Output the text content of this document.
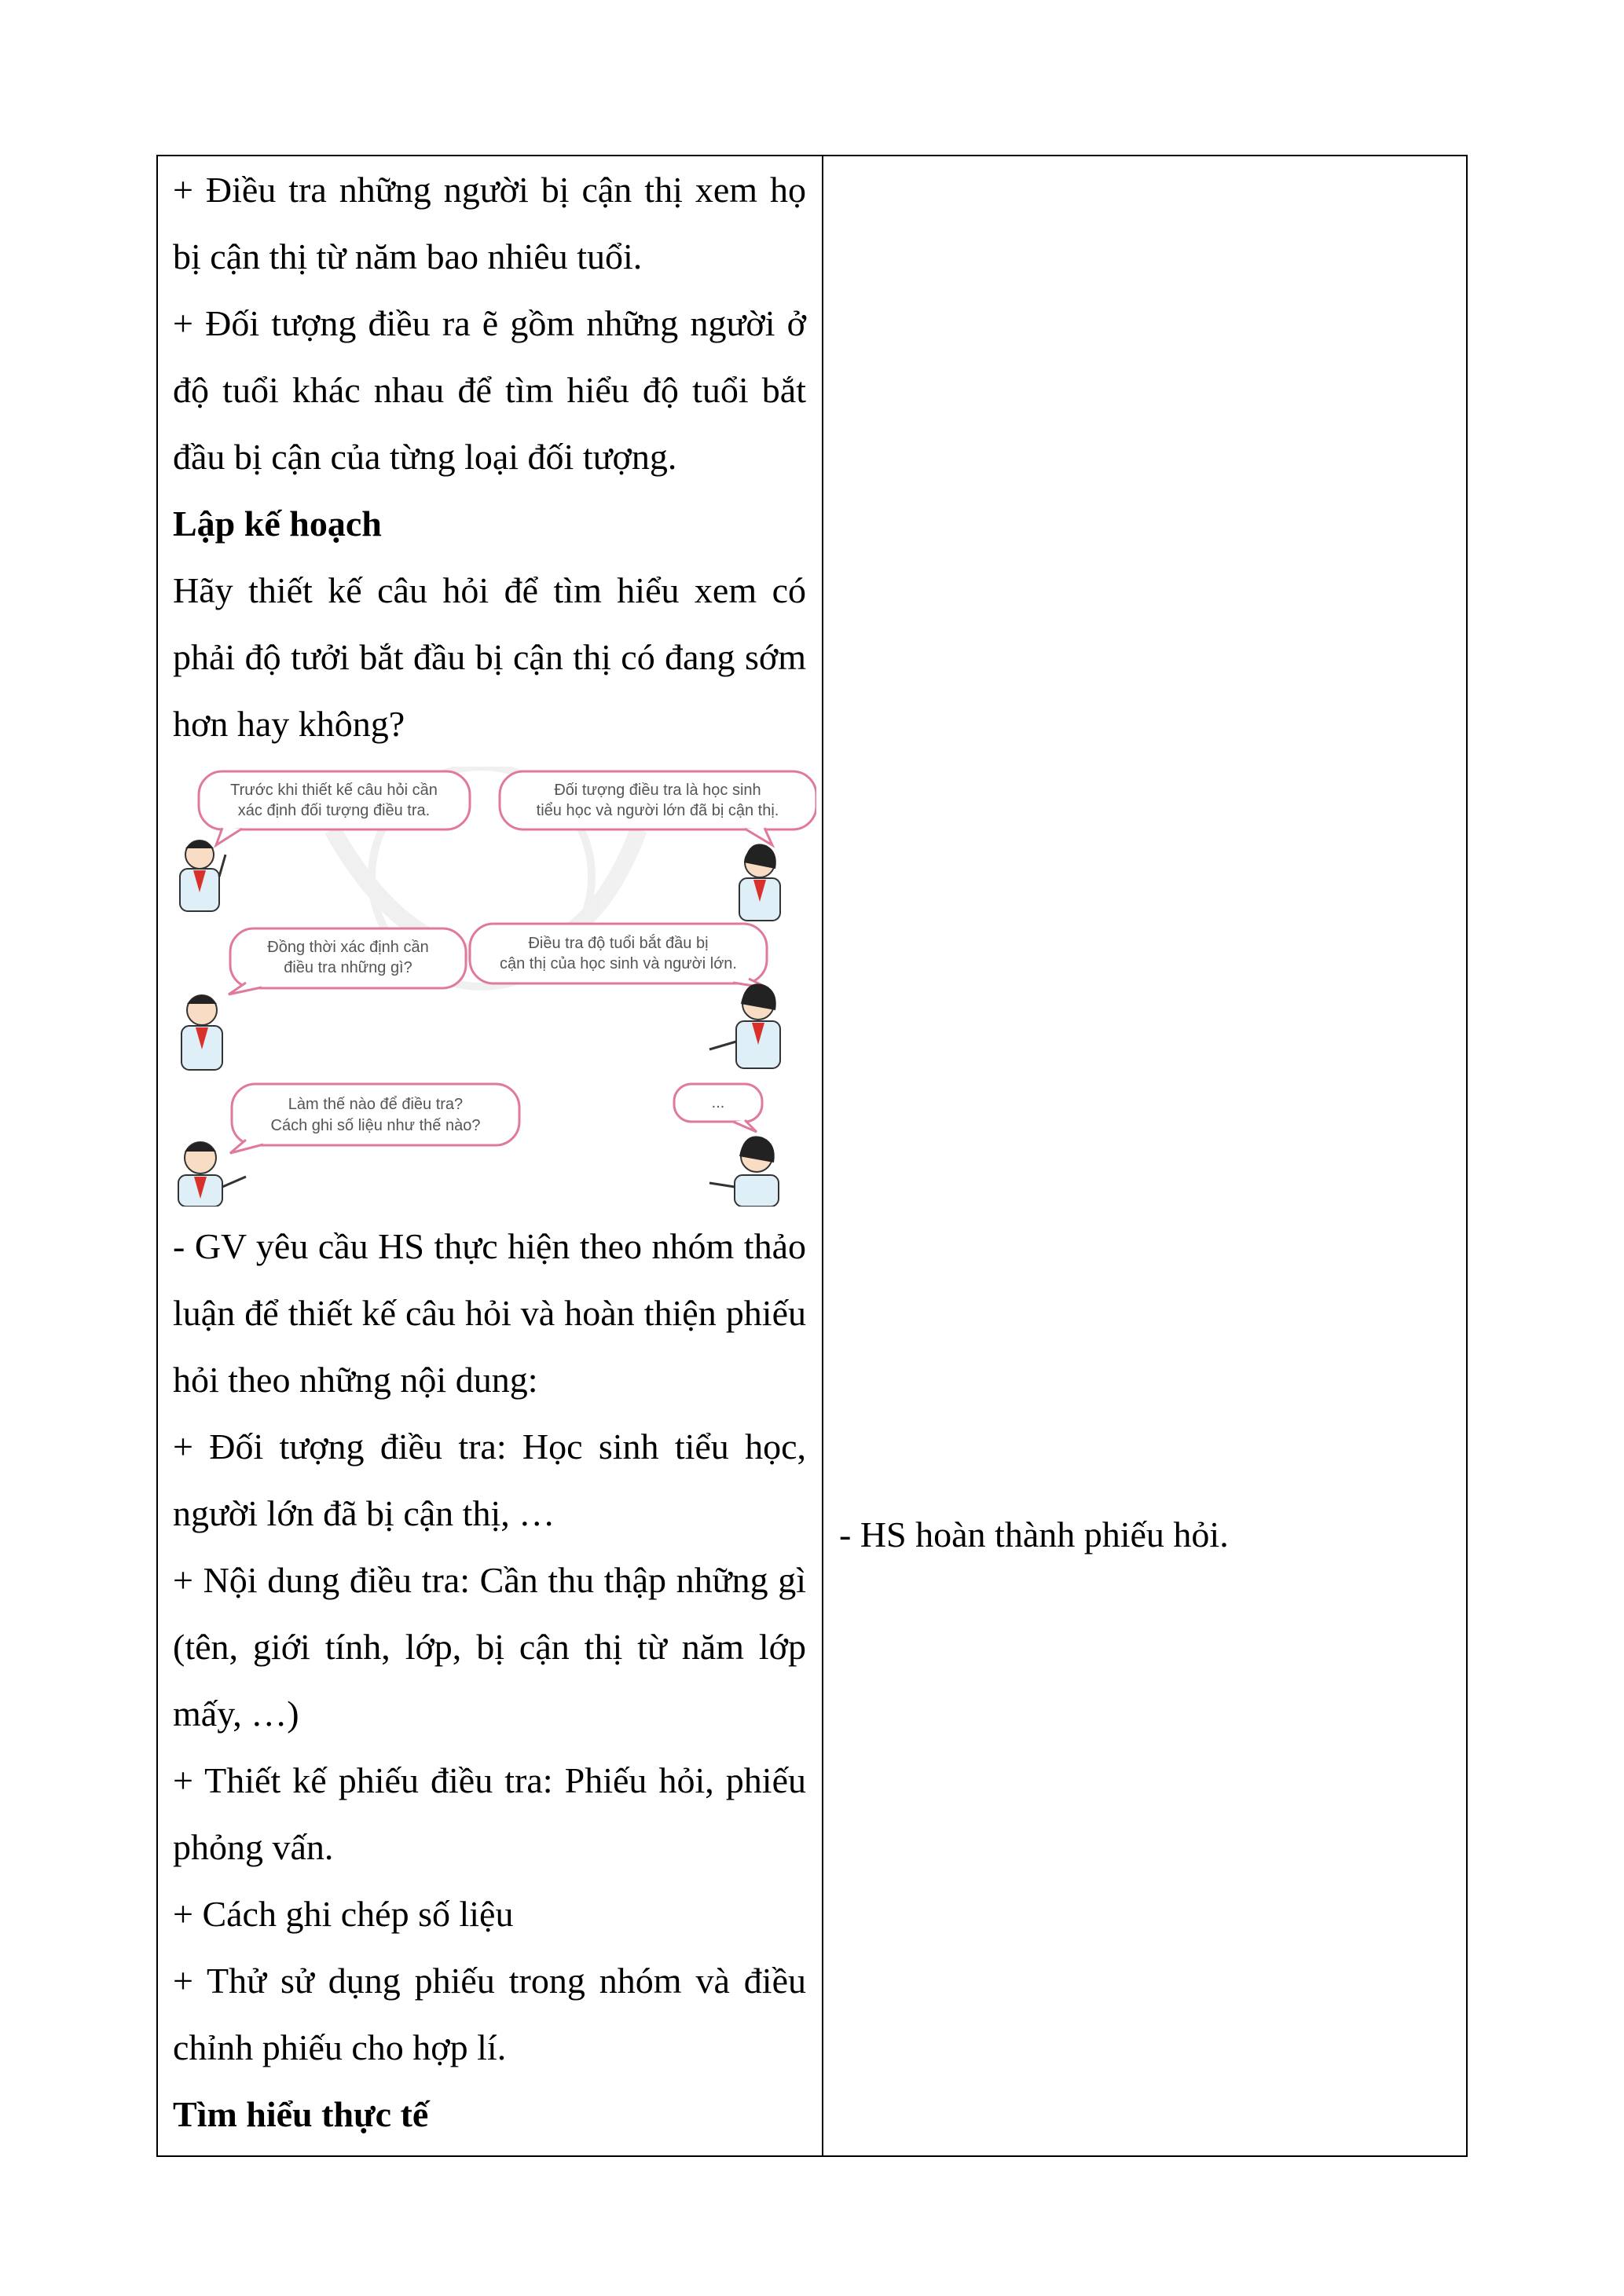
+ Điều tra những người bị cận thị xem họ bị cận thị từ năm bao nhiêu tuổi.

+ Đối tượng điều ra ẽ gồm những người ở độ tuổi khác nhau để tìm hiểu độ tuổi bắt đầu bị cận của từng loại đối tượng.

Lập kế hoạch

Hãy thiết kế câu hỏi để tìm hiểu xem có phải độ tưởi bắt đầu bị cận thị có đang sớm hơn hay không?

Trước khi thiết kế câu hỏi cần
xác định đối tượng điều tra.
Đối tượng điều tra là học sinh
tiểu học và người lớn đã bị cận thị.
Đồng thời xác định cần
điều tra những gì?
Điều tra độ tuổi bắt đầu bị
cận thị của học sinh và người lớn.
Làm thế nào để điều tra?
Cách ghi số liệu như thế nào?
...

- GV yêu cầu HS thực hiện theo nhóm thảo luận để thiết kế câu hỏi và hoàn thiện phiếu hỏi theo những nội dung:

+ Đối tượng điều tra: Học sinh tiểu học, người lớn đã bị cận thị, …

+ Nội dung điều tra: Cần thu thập những gì (tên, giới tính, lớp, bị cận thị từ năm lớp mấy, …)

+ Thiết kế phiếu điều tra: Phiếu hỏi, phiếu phỏng vấn.

+ Cách ghi chép số liệu

+ Thử sử dụng phiếu trong nhóm và điều chỉnh phiếu cho hợp lí.

Tìm hiểu thực tế

- HS hoàn thành phiếu hỏi.
